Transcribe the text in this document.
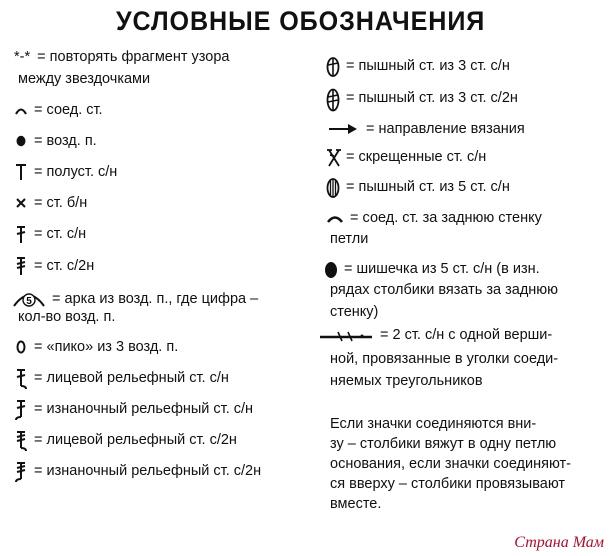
УСЛОВНЫЕ ОБОЗНАЧЕНИЯ
*-* = повторять фрагмент узора
между звездочками
= соед. ст.
= возд. п.
= полуст. с/н
= ст. б/н
= ст. с/н
= ст. с/2н
5 = арка из возд. п., где цифра –
кол-во возд. п.
= «пико» из 3 возд. п.
= лицевой рельефный ст. с/н
= изнаночный рельефный ст. с/н
= лицевой рельефный ст. с/2н
= изнаночный рельефный ст. с/2н
= пышный ст. из 3 ст. с/н
= пышный ст. из 3 ст. с/2н
= направление вязания
= скрещенные ст. с/н
= пышный ст. из 5 ст. с/н
= соед. ст. за заднюю стенку
петли
= шишечка из 5 ст. с/н (в изн.
рядах столбики вязать за заднюю
стенку)
= 2 ст. с/н с одной верши-
ной, провязанные в уголки соеди-
няемых треугольников
Если значки соединяются вни-
зу – столбики вяжут в одну петлю
основания, если значки соединяют-
ся вверху – столбики провязывают
вместе.
Страна Мам
